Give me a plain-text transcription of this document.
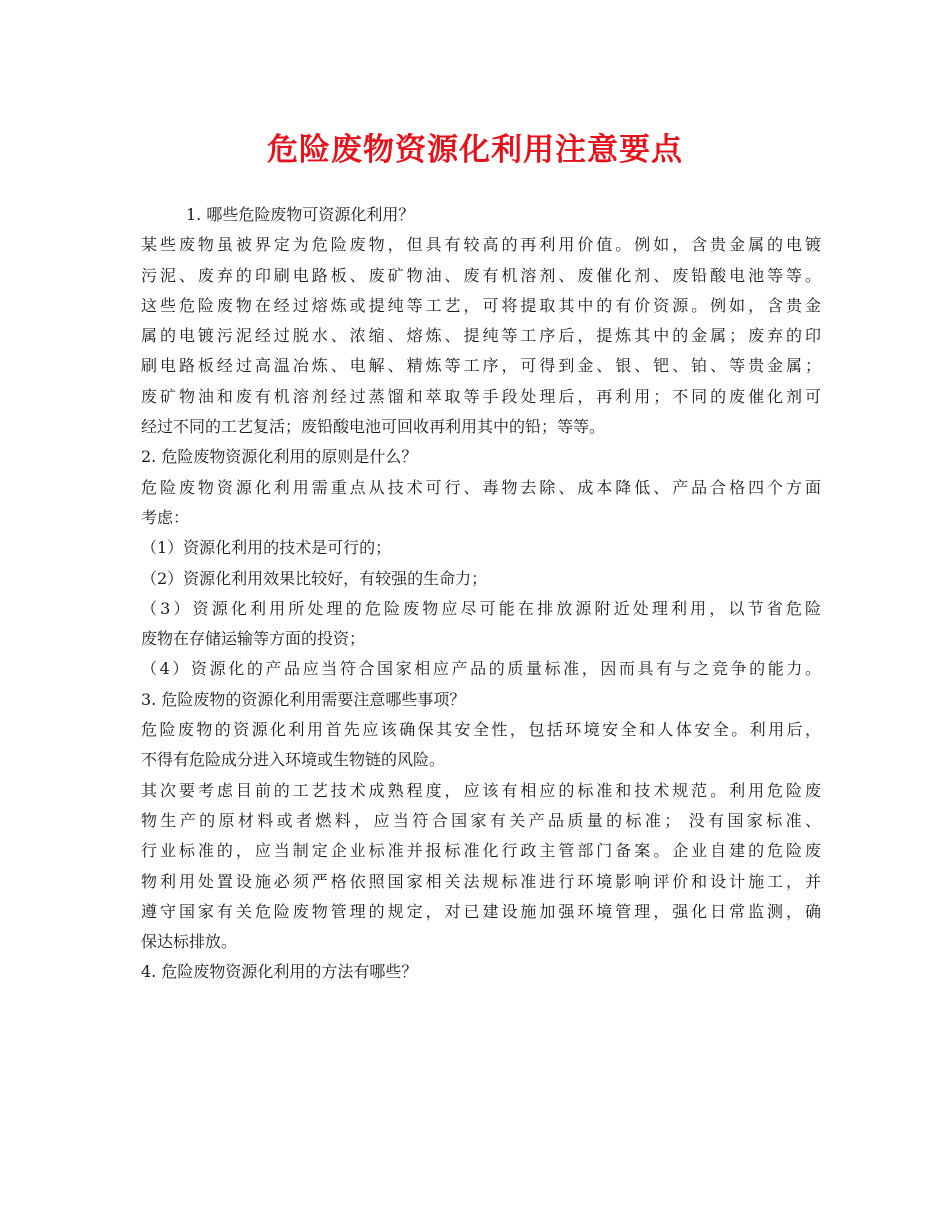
危险废物资源化利用注意要点
1. 哪些危险废物可资源化利用？
某些废物虽被界定为危险废物，但具有较高的再利用价值。例如，含贵金属的电镀
污泥、废弃的印刷电路板、废矿物油、废有机溶剂、废催化剂、废铅酸电池等等。
这些危险废物在经过熔炼或提纯等工艺，可将提取其中的有价资源。例如，含贵金
属的电镀污泥经过脱水、浓缩、熔炼、提纯等工序后，提炼其中的金属；废弃的印
刷电路板经过高温冶炼、电解、精炼等工序，可得到金、银、钯、铂、等贵金属；
废矿物油和废有机溶剂经过蒸馏和萃取等手段处理后，再利用；不同的废催化剂可
经过不同的工艺复活；废铅酸电池可回收再利用其中的铅；等等。
2. 危险废物资源化利用的原则是什么？
危险废物资源化利用需重点从技术可行、毒物去除、成本降低、产品合格四个方面
考虑：
（1）资源化利用的技术是可行的；
（2）资源化利用效果比较好，有较强的生命力；
（3）资源化利用所处理的危险废物应尽可能在排放源附近处理利用，以节省危险
废物在存储运输等方面的投资；
（4）资源化的产品应当符合国家相应产品的质量标准，因而具有与之竞争的能力。
3. 危险废物的资源化利用需要注意哪些事项？
危险废物的资源化利用首先应该确保其安全性，包括环境安全和人体安全。利用后，
不得有危险成分进入环境或生物链的风险。
其次要考虑目前的工艺技术成熟程度，应该有相应的标准和技术规范。利用危险废
物生产的原材料或者燃料，应当符合国家有关产品质量的标准； 没有国家标准、
行业标准的，应当制定企业标准并报标准化行政主管部门备案。企业自建的危险废
物利用处置设施必须严格依照国家相关法规标准进行环境影响评价和设计施工，并
遵守国家有关危险废物管理的规定，对已建设施加强环境管理，强化日常监测，确
保达标排放。
4. 危险废物资源化利用的方法有哪些？
